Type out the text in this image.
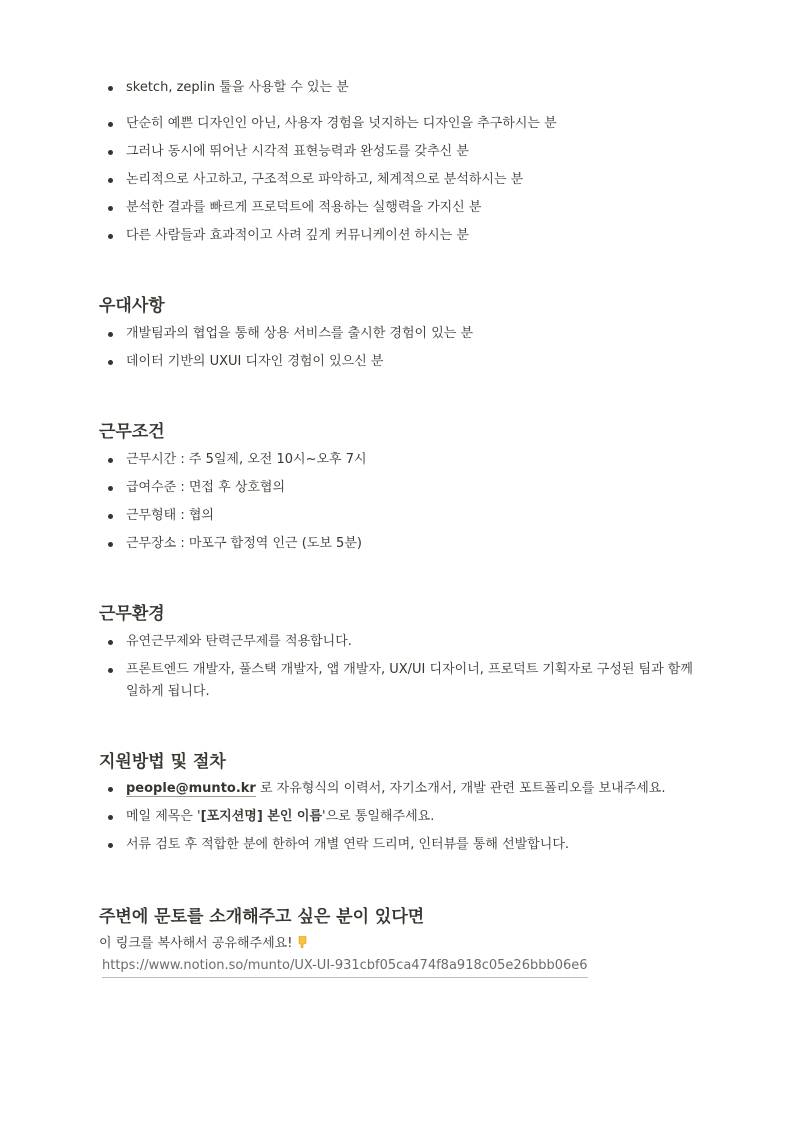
sketch, zeplin 툴을 사용할 수 있는 분
단순히 예쁜 디자인인 아닌, 사용자 경험을 넛지하는 디자인을 추구하시는 분
그러나 동시에 뛰어난 시각적 표현능력과 완성도를 갖추신 분
논리적으로 사고하고, 구조적으로 파악하고, 체계적으로 분석하시는 분
분석한 결과를 빠르게 프로덕트에 적용하는 실행력을 가지신 분
다른 사람들과 효과적이고 사려 깊게 커뮤니케이션 하시는 분
우대사항
개발팀과의 협업을 통해 상용 서비스를 출시한 경험이 있는 분
데이터 기반의 UXUI 디자인 경험이 있으신 분
근무조건
근무시간 : 주 5일제, 오전 10시~오후 7시
급여수준 : 면접 후 상호협의
근무형태 : 협의
근무장소 : 마포구 합정역 인근 (도보 5분)
근무환경
유연근무제와 탄력근무제를 적용합니다.
프론트엔드 개발자, 풀스택 개발자, 앱 개발자, UX/UI 디자이너, 프로덕트 기획자로 구성된 팀과 함께 일하게 됩니다.
지원방법 및 절차
people@munto.kr 로 자유형식의 이력서, 자기소개서, 개발 관련 포트폴리오를 보내주세요.
메일 제목은 '[포지션명] 본인 이름'으로 통일해주세요.
서류 검토 후 적합한 분에 한하여 개별 연락 드리며, 인터뷰를 통해 선발합니다.
주변에 문토를 소개해주고 싶은 분이 있다면
이 링크를 복사해서 공유해주세요!
https://www.notion.so/munto/UX-UI-931cbf05ca474f8a918c05e26bbb06e6
